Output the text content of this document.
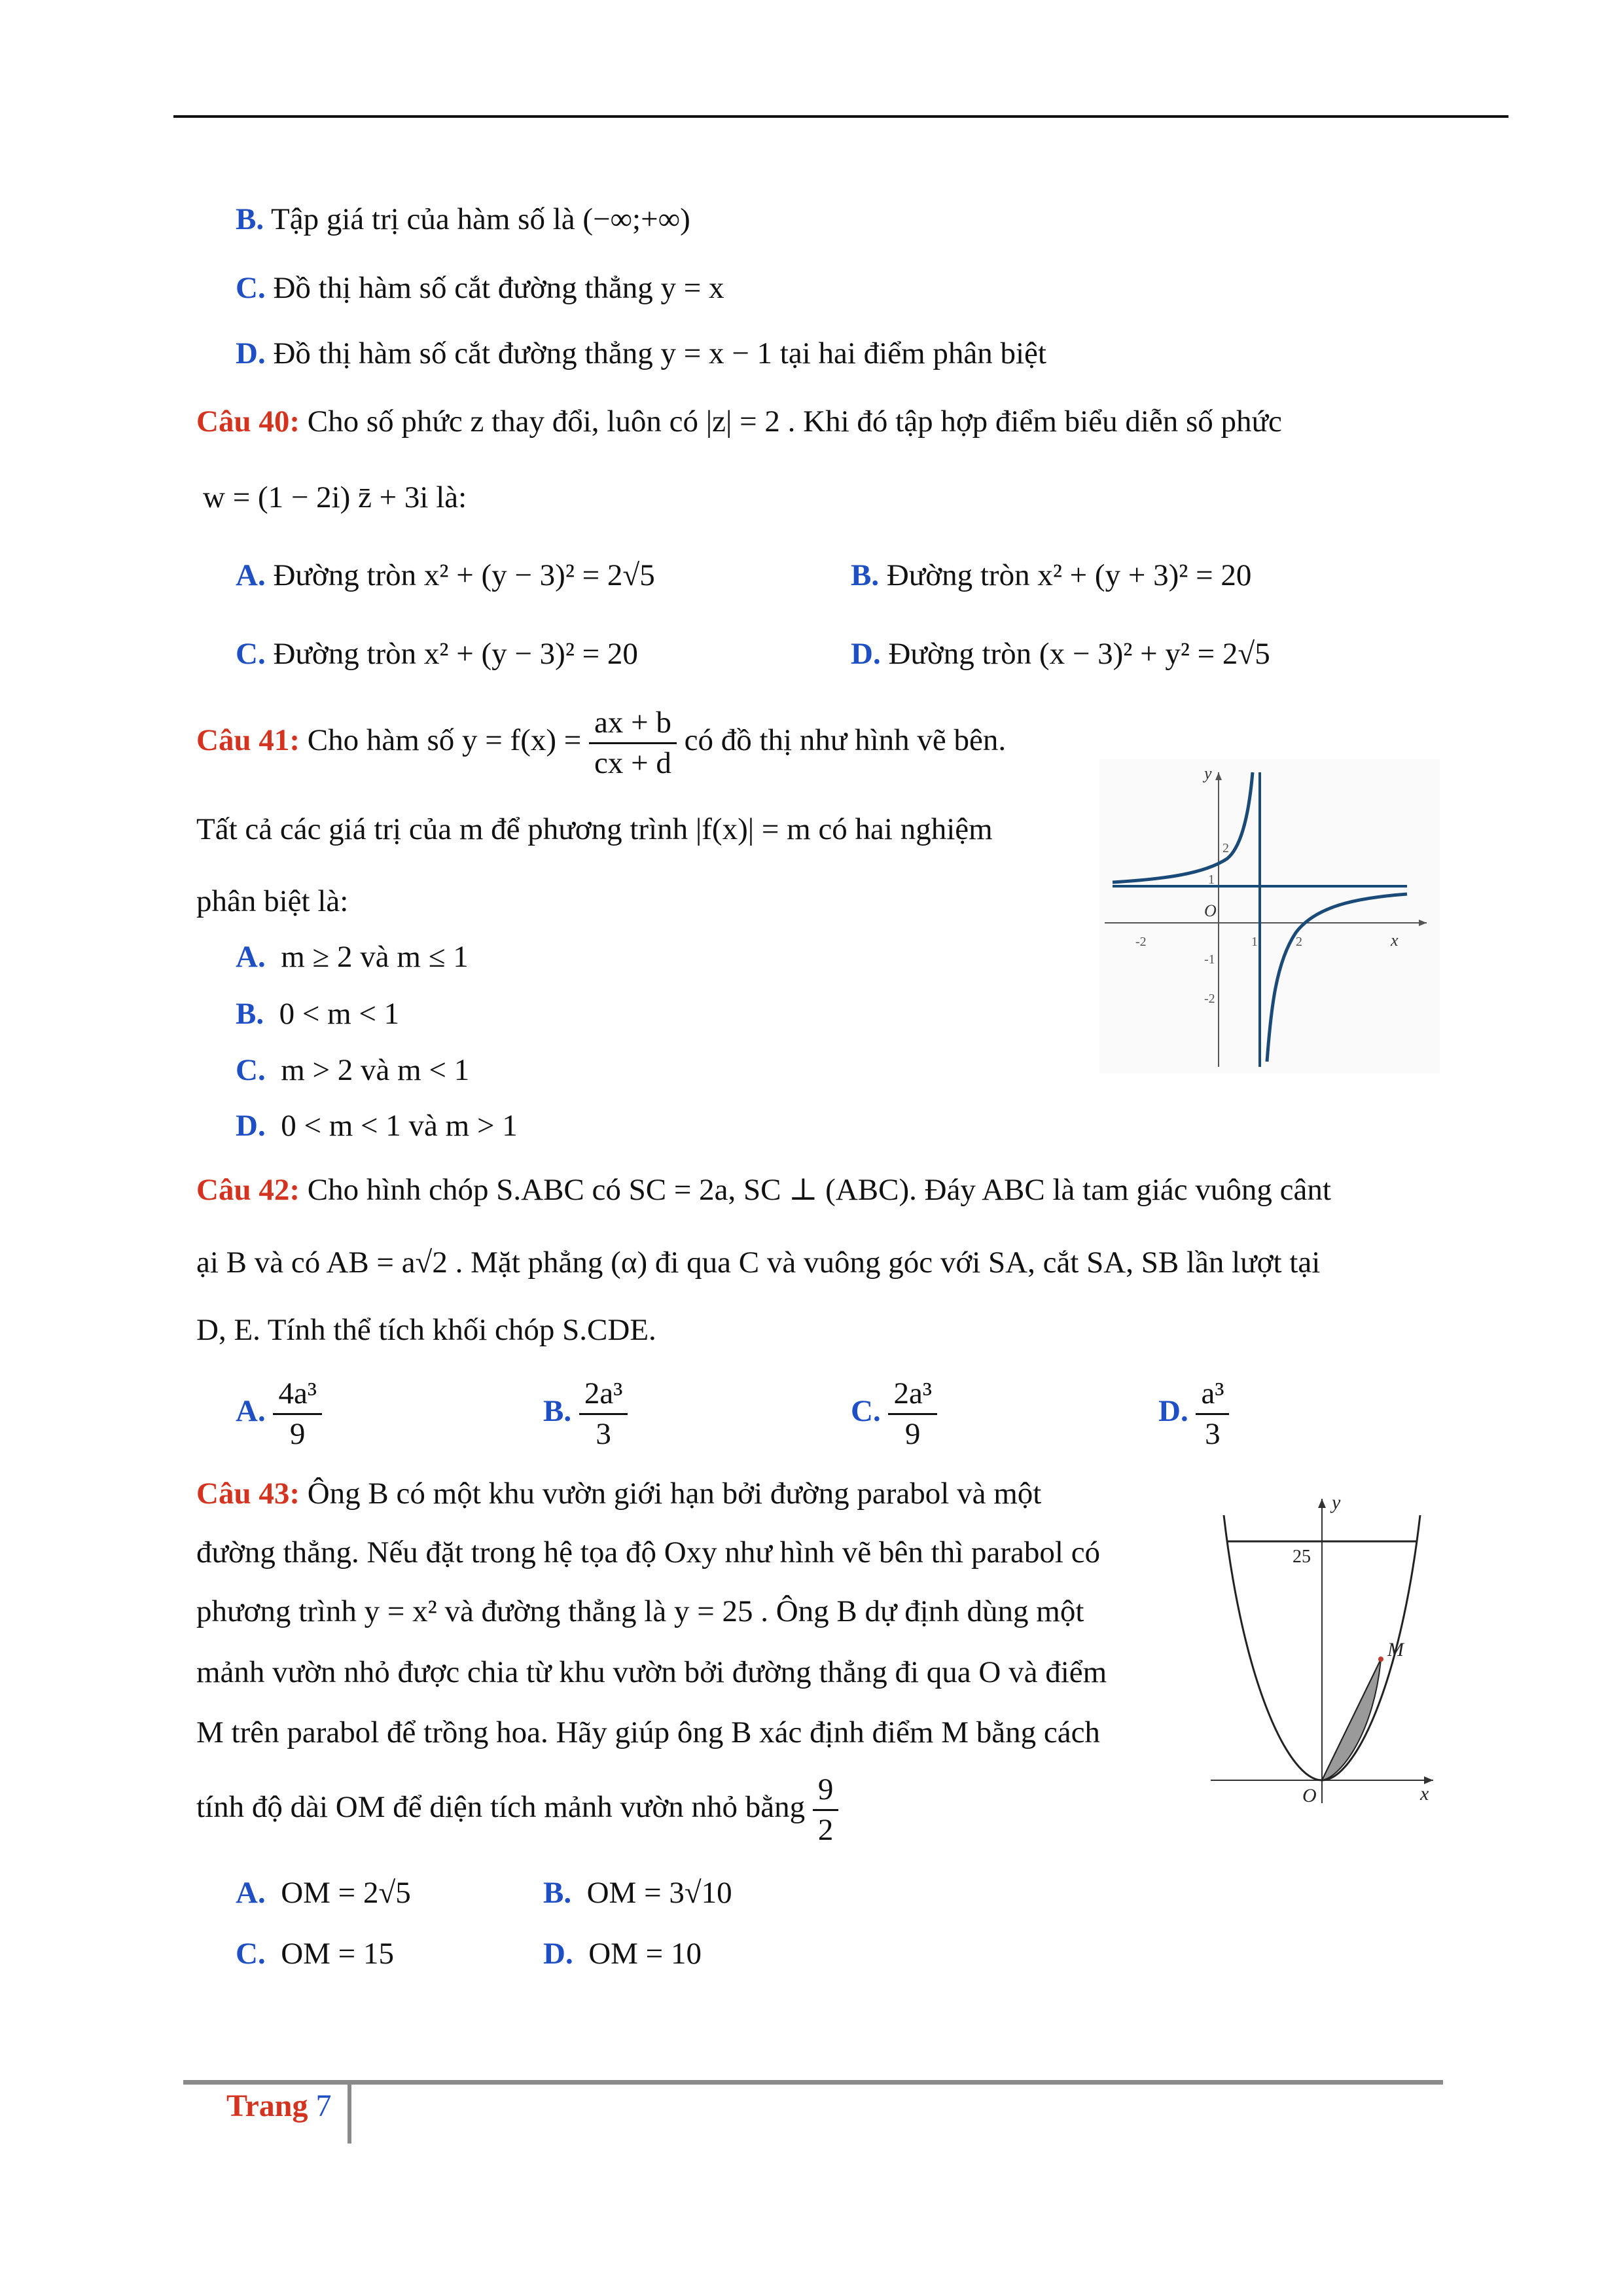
B. Tập giá trị của hàm số là (−∞;+∞)
C. Đồ thị hàm số cắt đường thẳng y = x
D. Đồ thị hàm số cắt đường thẳng y = x − 1 tại hai điểm phân biệt
Câu 40: Cho số phức z thay đổi, luôn có |z| = 2 . Khi đó tập hợp điểm biểu diễn số phức
w = (1 − 2i) z̄ + 3i là:
A. Đường tròn x² + (y − 3)² = 2√5	B. Đường tròn x² + (y + 3)² = 20
C. Đường tròn x² + (y − 3)² = 20	D. Đường tròn (x − 3)² + y² = 2√5
Câu 41: Cho hàm số $y = f(x) = \frac{ax + b}{cx + d}$ có đồ thị như hình vẽ bên.
Tất cả các giá trị của m để phương trình |f(x)| = m có hai nghiệm
phân biệt là:
A. m ≥ 2 và m ≤ 1
B. 0 < m < 1
C. m > 2 và m < 1
D. 0 < m < 1 và m > 1
y
x
O
-2	1	2
-1
-2
2
1
Câu 42: Cho hình chóp S.ABC có SC = 2a, SC ⊥ (ABC). Đáy ABC là tam giác vuông cânt
ại B và có AB = a√2 . Mặt phẳng (α) đi qua C và vuông góc với SA, cắt SA, SB lần lượt tại
D, E. Tính thể tích khối chóp S.CDE.
A. $\frac{\text{4a³}}{9}$	B. $\frac{\text{2a³}}{3}$	C. $\frac{\text{2a³}}{9}$	D. $\frac{\text{a³}}{3}$
Câu 43: Ông B có một khu vườn giới hạn bởi đường parabol và một
đường thẳng. Nếu đặt trong hệ tọa độ Oxy như hình vẽ bên thì parabol có
phương trình y = x² và đường thẳng là y = 25 . Ông B dự định dùng một
mảnh vườn nhỏ được chia từ khu vườn bởi đường thẳng đi qua O và điểm
M trên parabol để trồng hoa. Hãy giúp ông B xác định điểm M bằng cách
tính độ dài OM để diện tích mảnh vườn nhỏ bằng $\frac{9}{2}$
A. OM = 2√5	B. OM = 3√10
C. OM = 15	D. OM = 10
y
x
O
25
M
Trang 7
